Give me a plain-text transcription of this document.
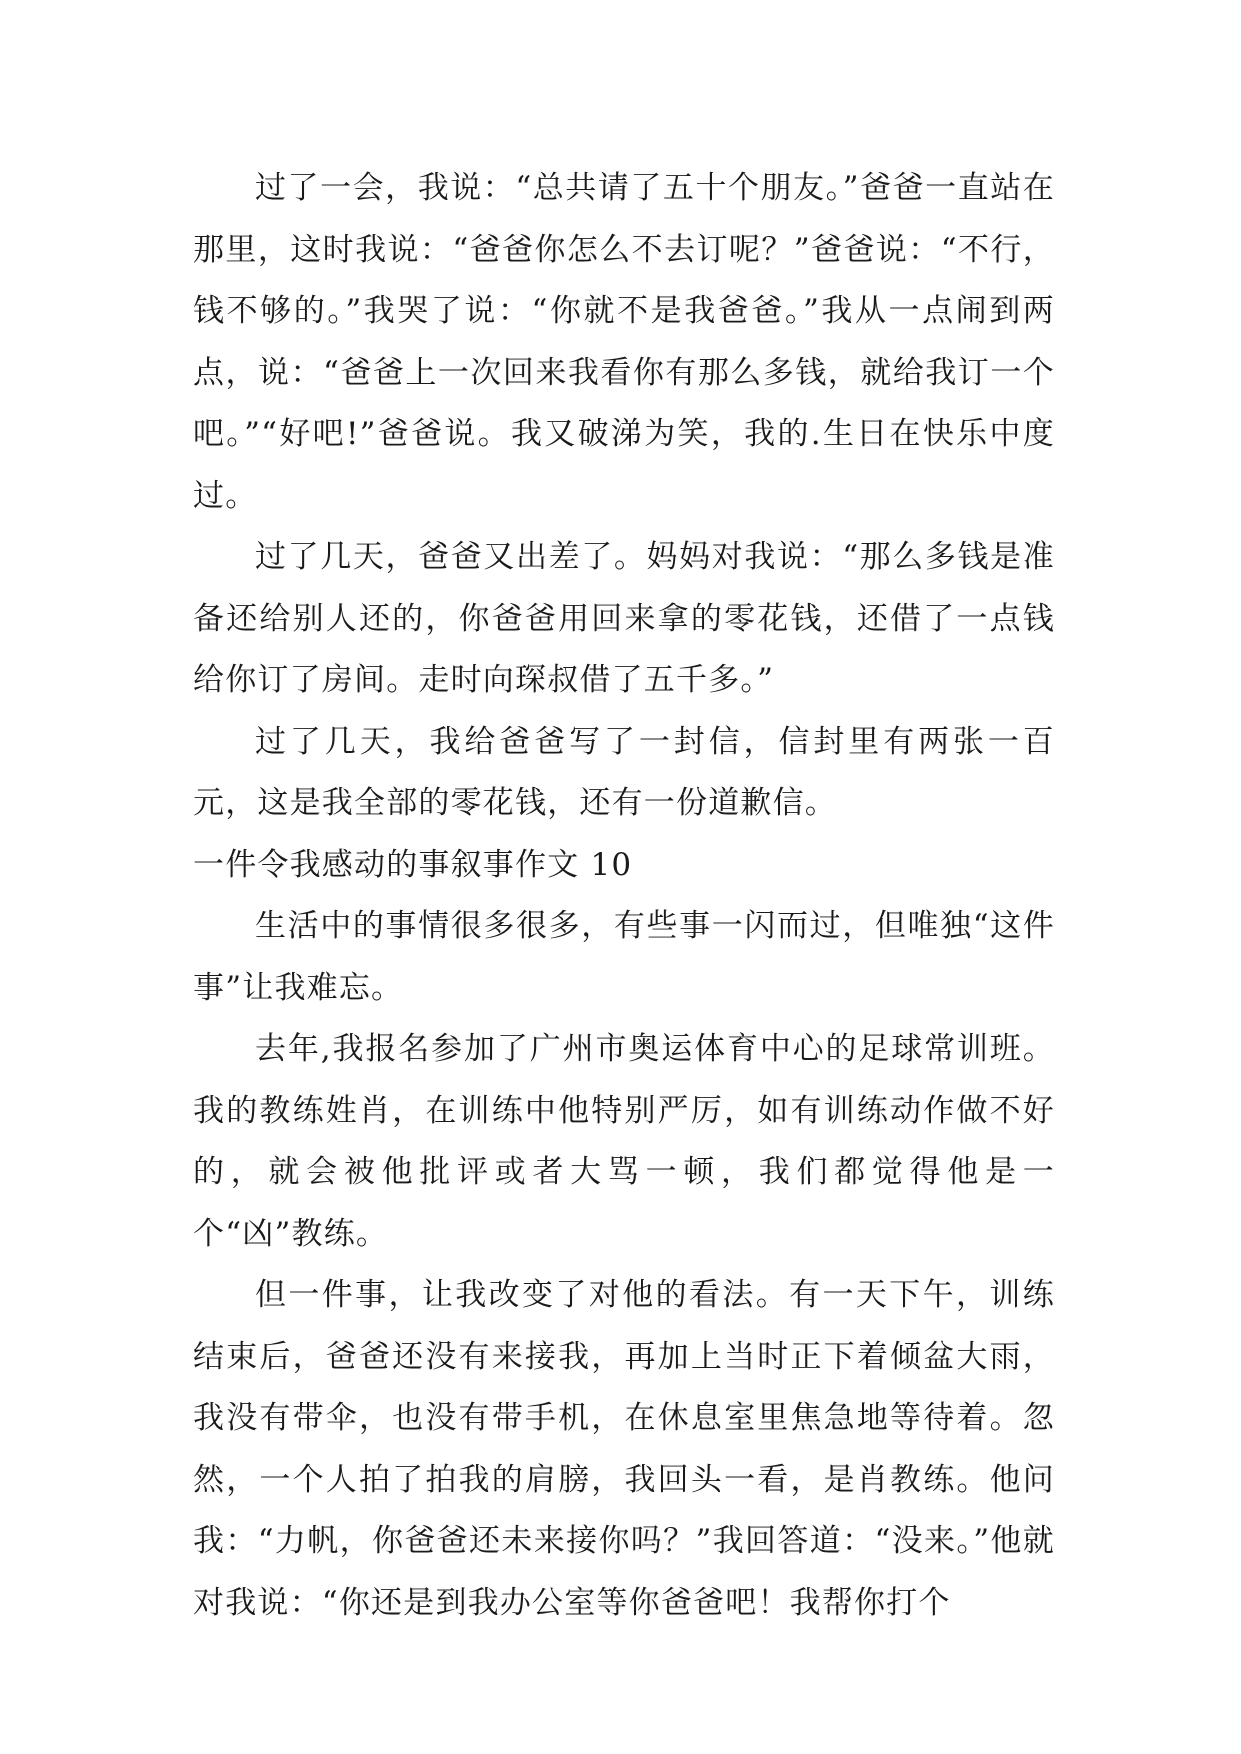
过了一会，我说：“总共请了五十个朋友。”爸爸一直站在那里，这时我说：“爸爸你怎么不去订呢？”爸爸说：“不行，钱不够的。”我哭了说：“你就不是我爸爸。”我从一点闹到两点，说：“爸爸上一次回来我看你有那么多钱，就给我订一个吧。”“好吧!”爸爸说。我又破涕为笑，我的.生日在快乐中度过。

过了几天，爸爸又出差了。妈妈对我说：“那么多钱是准备还给别人还的，你爸爸用回来拿的零花钱，还借了一点钱给你订了房间。走时向琛叔借了五千多。”

过了几天，我给爸爸写了一封信，信封里有两张一百元，这是我全部的零花钱，还有一份道歉信。

一件令我感动的事叙事作文 10

生活中的事情很多很多，有些事一闪而过，但唯独“这件事”让我难忘。

去年,我报名参加了广州市奥运体育中心的足球常训班。我的教练姓肖，在训练中他特别严厉，如有训练动作做不好的，就会被他批评或者大骂一顿，我们都觉得他是一个“凶”教练。

但一件事，让我改变了对他的看法。有一天下午，训练结束后，爸爸还没有来接我，再加上当时正下着倾盆大雨，我没有带伞，也没有带手机，在休息室里焦急地等待着。忽然，一个人拍了拍我的肩膀，我回头一看，是肖教练。他问我：“力帆，你爸爸还未来接你吗？”我回答道：“没来。”他就对我说：“你还是到我办公室等你爸爸吧！我帮你打个
